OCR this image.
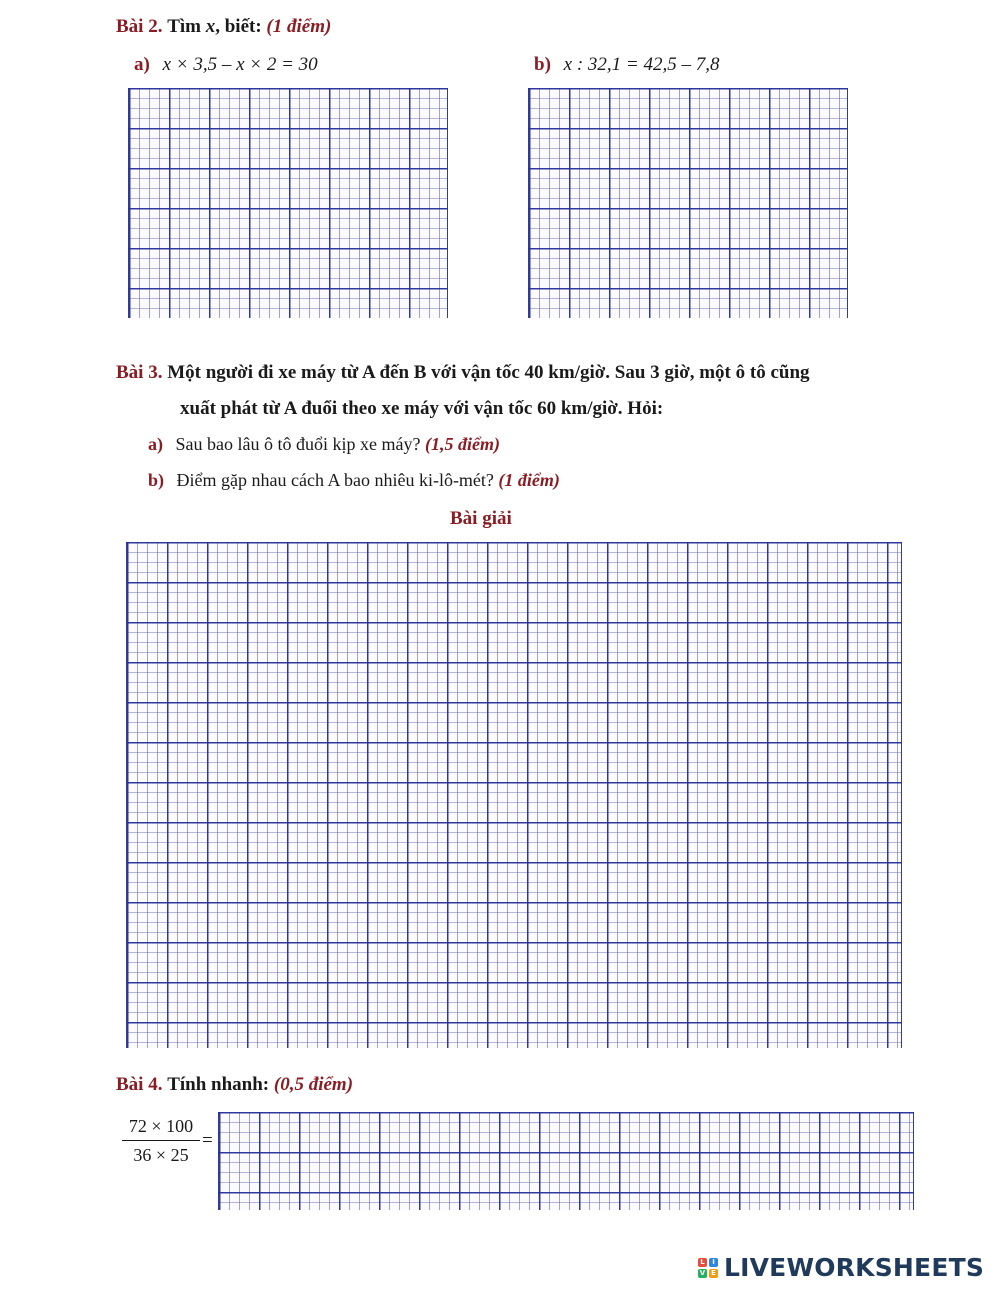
Bài 2. Tìm x, biết: (1 điểm)
a) x × 3,5 – x × 2 = 30	b) x : 32,1 = 42,5 – 7,8
Bài 3. Một người đi xe máy từ A đến B với vận tốc 40 km/giờ. Sau 3 giờ, một ô tô cũng
xuất phát từ A đuổi theo xe máy với vận tốc 60 km/giờ. Hỏi:
a) Sau bao lâu ô tô đuổi kịp xe máy? (1,5 điểm)
b) Điểm gặp nhau cách A bao nhiêu ki-lô-mét? (1 điểm)
Bài giải
Bài 4. Tính nhanh: (0,5 điểm)
$\frac{72 \times 100}{36 \times 25}$ =
L	I
V E LIVEWORKSHEETS
